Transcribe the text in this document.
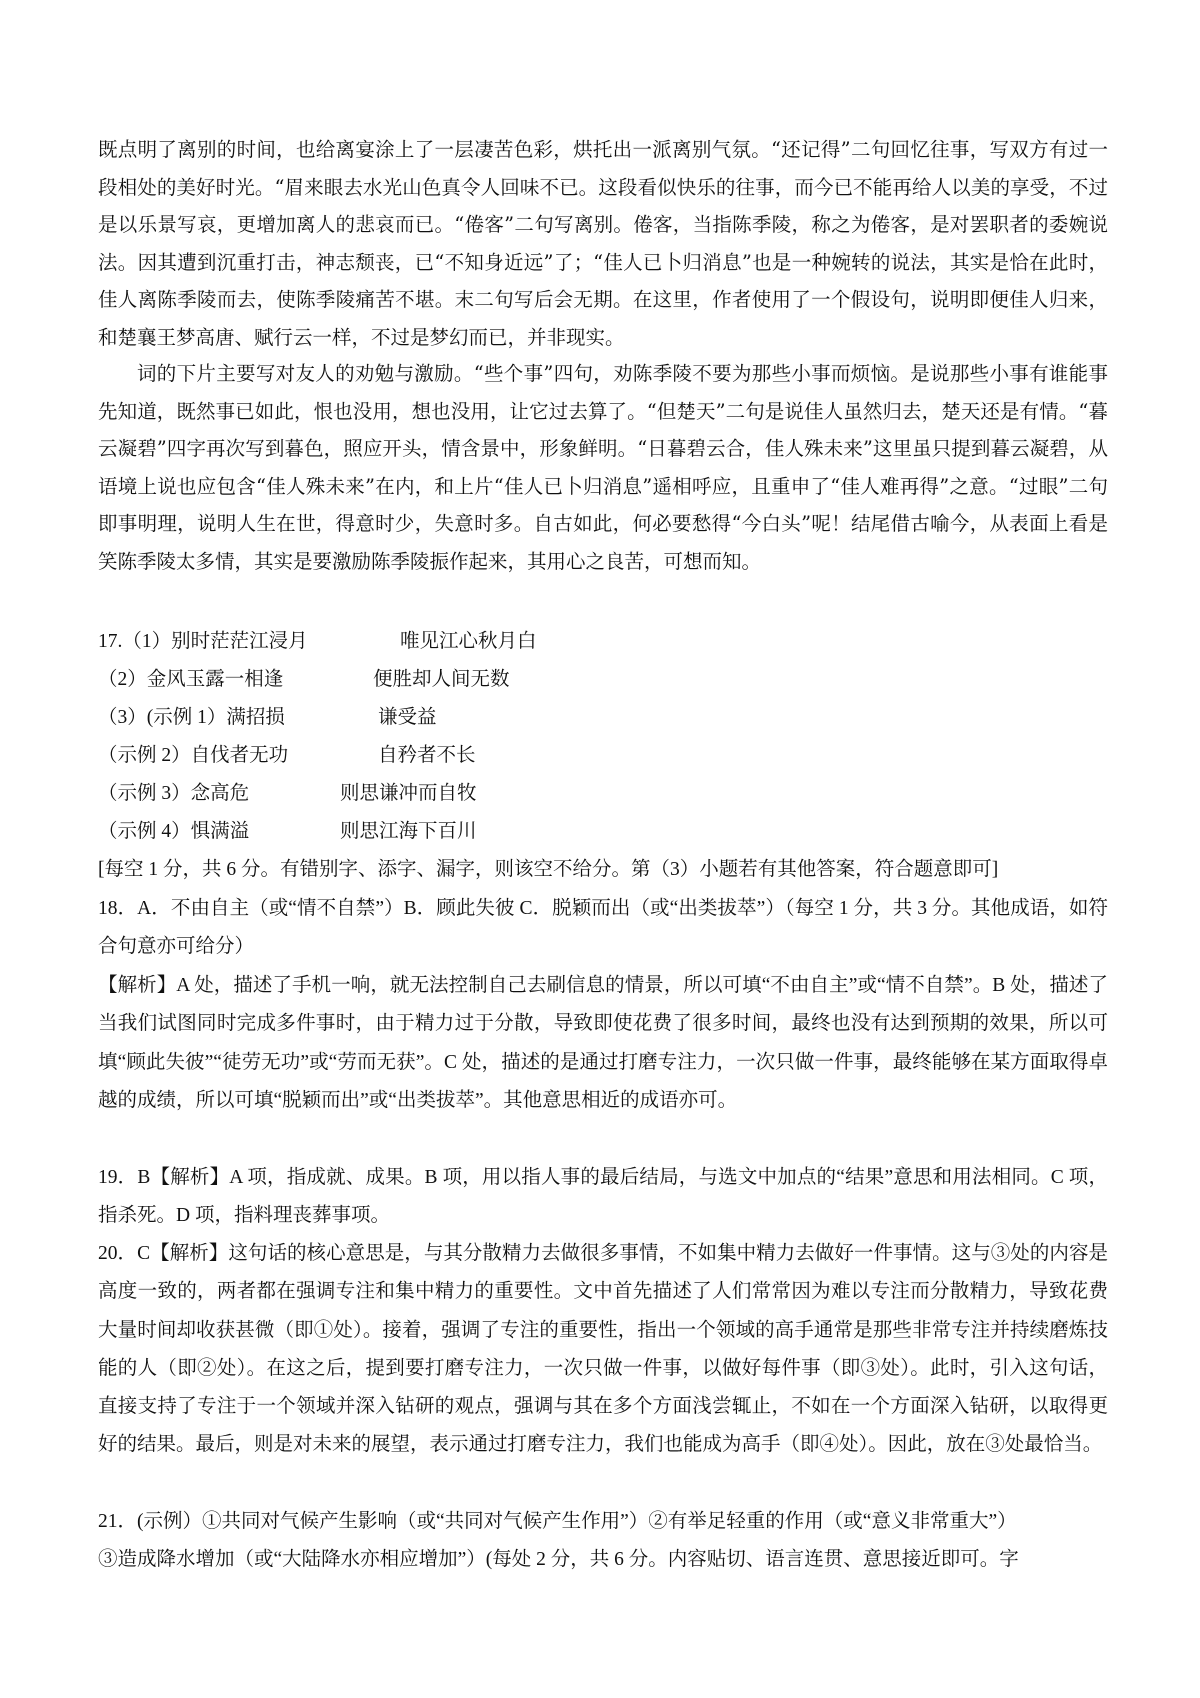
既点明了离别的时间，也给离宴涂上了一层凄苦色彩，烘托出一派离别气氛。“还记得”二句回忆往事，写双方有过一段相处的美好时光。“眉来眼去水光山色真令人回味不已。这段看似快乐的往事，而今已不能再给人以美的享受，不过是以乐景写哀，更增加离人的悲哀而已。“倦客”二句写离别。倦客，当指陈季陵，称之为倦客，是对罢职者的委婉说法。因其遭到沉重打击，神志颓丧，已“不知身近远”了；“佳人已卜归消息”也是一种婉转的说法，其实是恰在此时，佳人离陈季陵而去，使陈季陵痛苦不堪。末二句写后会无期。在这里，作者使用了一个假设句，说明即便佳人归来，和楚襄王梦高唐、赋行云一样，不过是梦幻而已，并非现实。

词的下片主要写对友人的劝勉与激励。“些个事”四句，劝陈季陵不要为那些小事而烦恼。是说那些小事有谁能事先知道，既然事已如此，恨也没用，想也没用，让它过去算了。“但楚天”二句是说佳人虽然归去，楚天还是有情。“暮云凝碧”四字再次写到暮色，照应开头，情含景中，形象鲜明。“日暮碧云合，佳人殊未来”这里虽只提到暮云凝碧，从语境上说也应包含“佳人殊未来”在内，和上片“佳人已卜归消息”遥相呼应，且重申了“佳人难再得”之意。“过眼”二句即事明理，说明人生在世，得意时少，失意时多。自古如此，何必要愁得“今白头”呢！结尾借古喻今，从表面上看是笑陈季陵太多情，其实是要激励陈季陵振作起来，其用心之良苦，可想而知。

17.（1）别时茫茫江浸月	唯见江心秋月白
（2）金风玉露一相逢	便胜却人间无数
（3）(示例 1）满招损	谦受益
（示例 2）自伐者无功	自矜者不长
（示例 3）念高危	则思谦冲而自牧
（示例 4）惧满溢	则思江海下百川
[每空 1 分，共 6 分。有错别字、添字、漏字，则该空不给分。第（3）小题若有其他答案，符合题意即可]

18．A．不由自主（或“情不自禁”）B．顾此失彼 C．脱颖而出（或“出类拔萃”）（每空 1 分，共 3 分。其他成语，如符合句意亦可给分）

【解析】A 处，描述了手机一响，就无法控制自己去刷信息的情景，所以可填“不由自主”或“情不自禁”。B 处，描述了当我们试图同时完成多件事时，由于精力过于分散，导致即使花费了很多时间，最终也没有达到预期的效果，所以可填“顾此失彼”“徒劳无功”或“劳而无获”。C 处，描述的是通过打磨专注力，一次只做一件事，最终能够在某方面取得卓越的成绩，所以可填“脱颖而出”或“出类拔萃”。其他意思相近的成语亦可。

19．B【解析】A 项，指成就、成果。B 项，用以指人事的最后结局，与选文中加点的“结果”意思和用法相同。C 项，指杀死。D 项，指料理丧葬事项。

20．C【解析】这句话的核心意思是，与其分散精力去做很多事情，不如集中精力去做好一件事情。这与③处的内容是高度一致的，两者都在强调专注和集中精力的重要性。文中首先描述了人们常常因为难以专注而分散精力，导致花费大量时间却收获甚微（即①处）。接着，强调了专注的重要性，指出一个领域的高手通常是那些非常专注并持续磨炼技能的人（即②处）。在这之后，提到要打磨专注力，一次只做一件事，以做好每件事（即③处）。此时，引入这句话，直接支持了专注于一个领域并深入钻研的观点，强调与其在多个方面浅尝辄止，不如在一个方面深入钻研，以取得更好的结果。最后，则是对未来的展望，表示通过打磨专注力，我们也能成为高手（即④处）。因此，放在③处最恰当。

21．(示例）①共同对气候产生影响（或“共同对气候产生作用”）②有举足轻重的作用（或“意义非常重大”）
③造成降水增加（或“大陆降水亦相应增加”）(每处 2 分，共 6 分。内容贴切、语言连贯、意思接近即可。字
